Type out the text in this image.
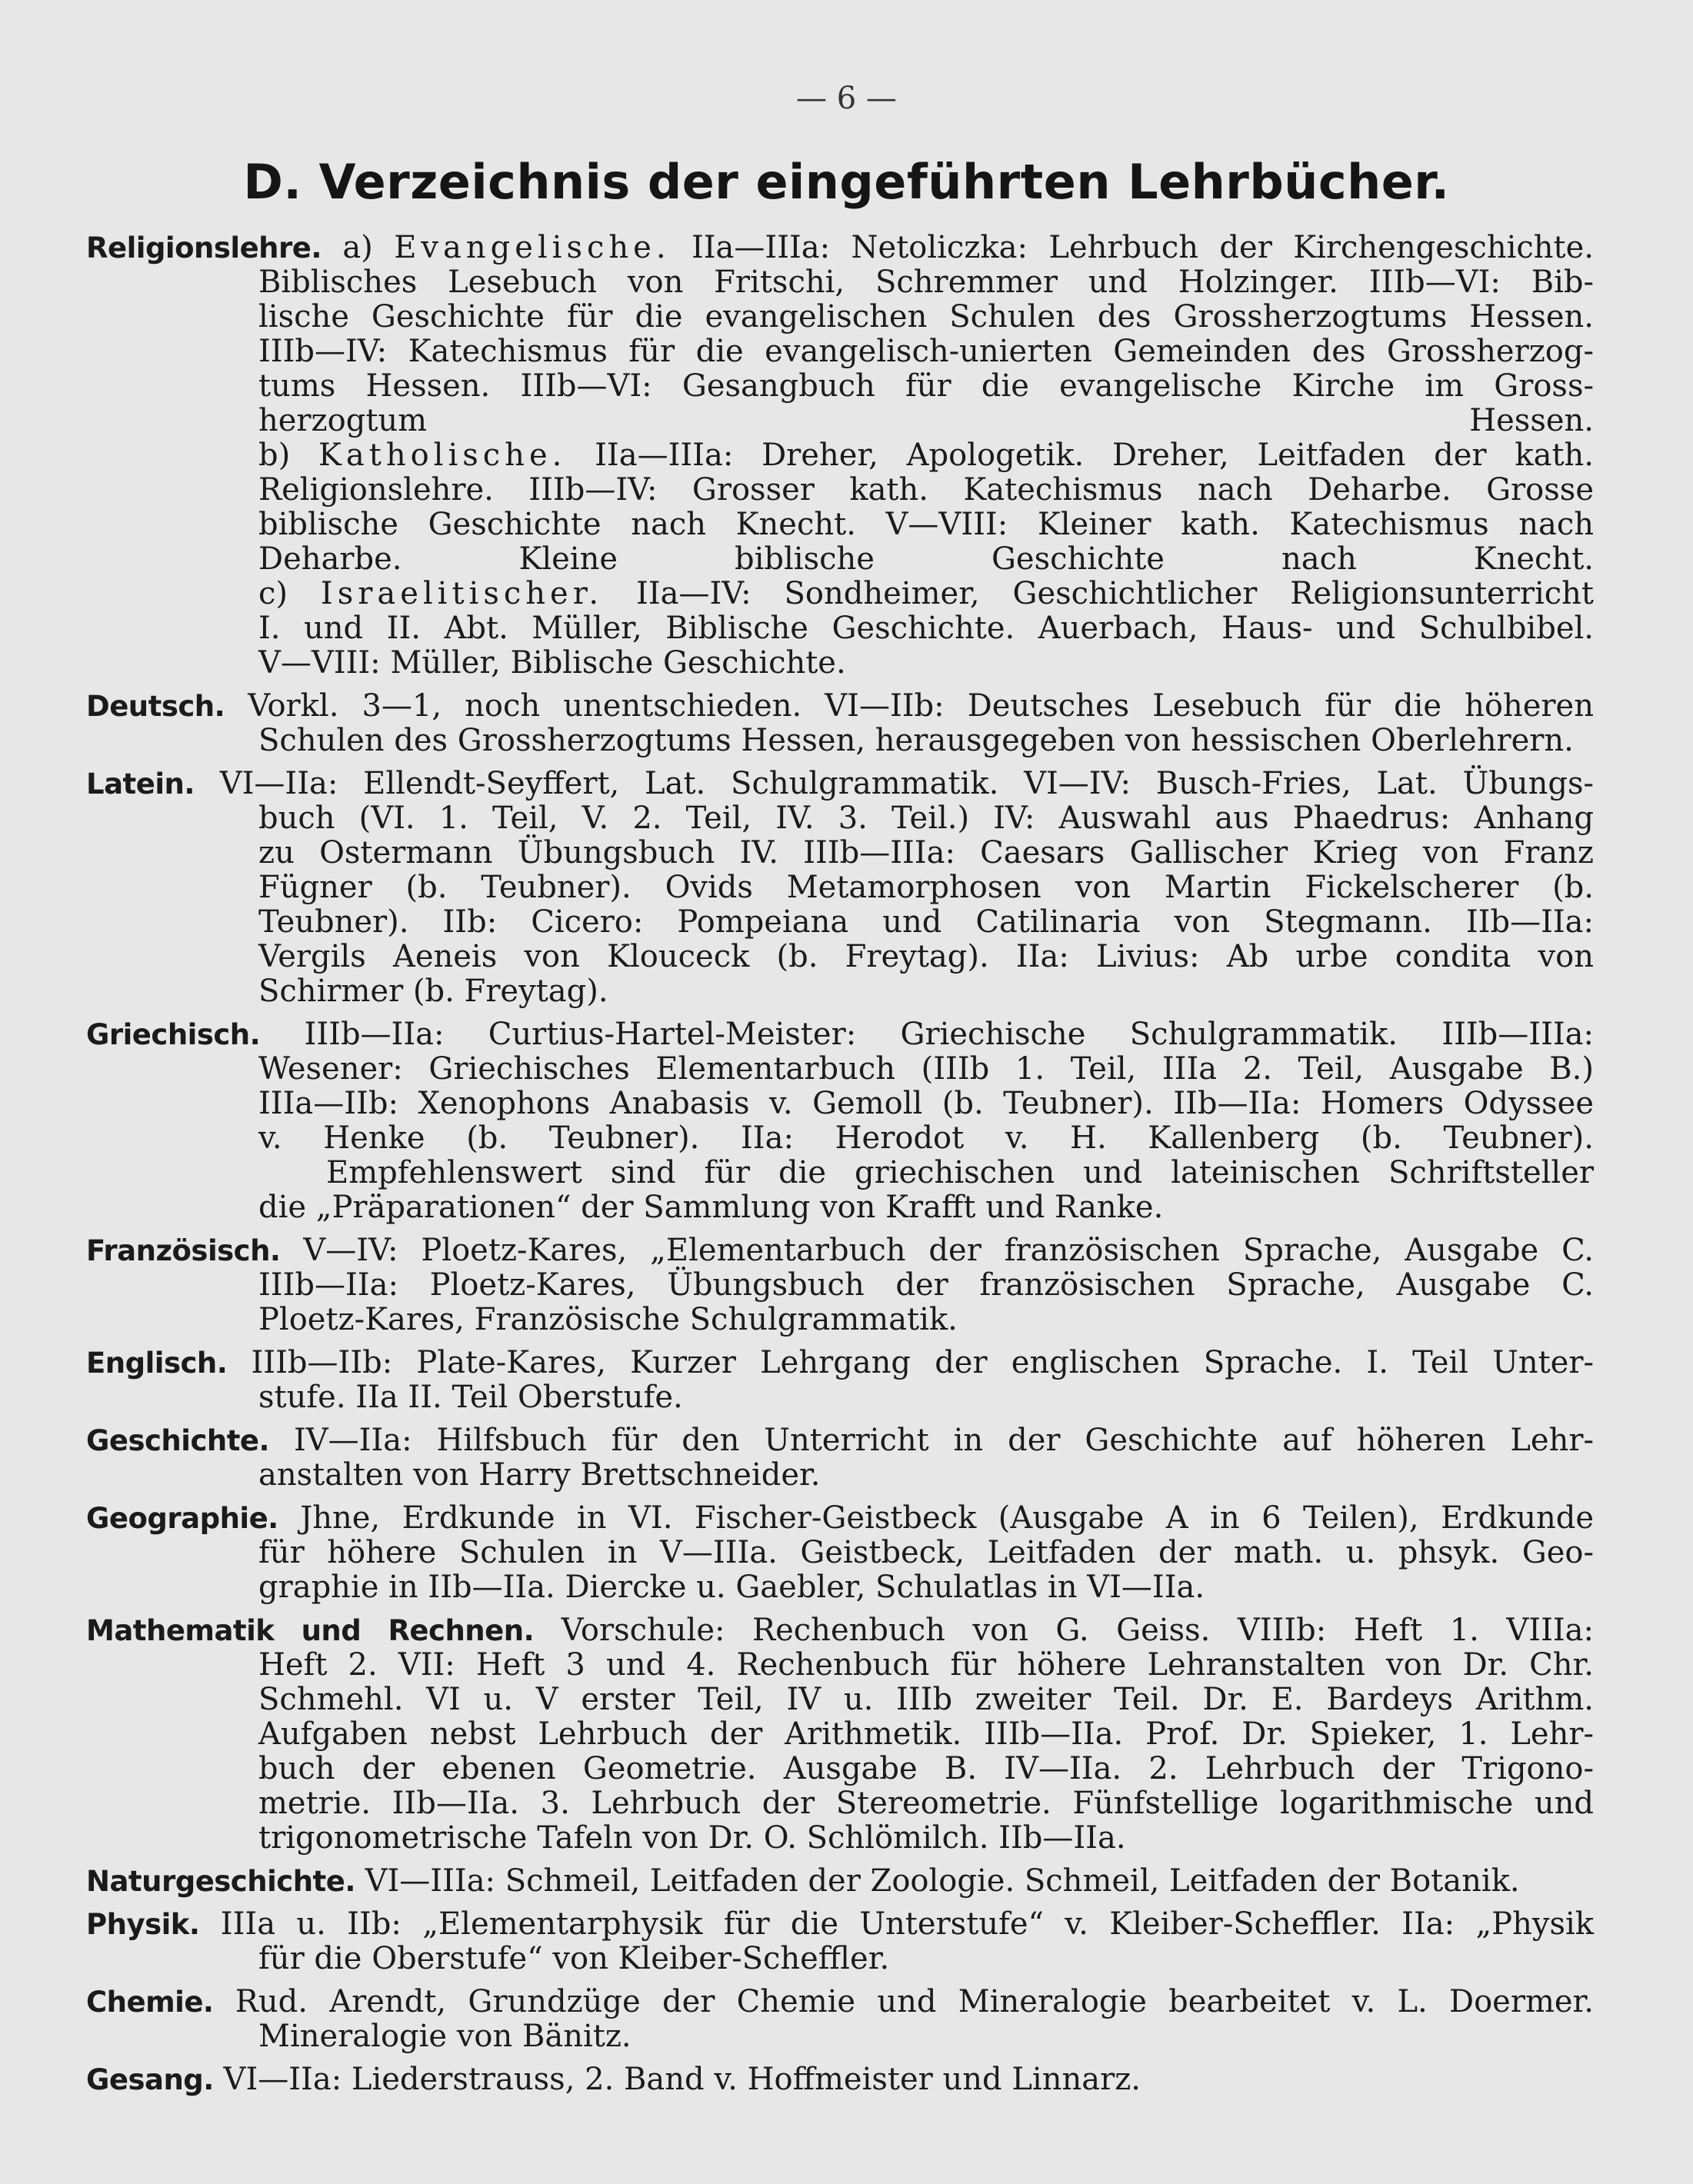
— 6 —
D. Verzeichnis der eingeführten Lehrbücher.
Religionslehre. a) Evangelische. IIa—IIIa: Netoliczka: Lehrbuch der Kirchengeschichte.
Biblisches Lesebuch von Fritschi, Schremmer und Holzinger. IIIb—VI: Bib-
lische Geschichte für die evangelischen Schulen des Grossherzogtums Hessen.
IIIb—IV: Katechismus für die evangelisch-unierten Gemeinden des Grossherzog-
tums Hessen. IIIb—VI: Gesangbuch für die evangelische Kirche im Gross-
herzogtum Hessen.
b) Katholische. IIa—IIIa: Dreher, Apologetik. Dreher, Leitfaden der kath.
Religionslehre. IIIb—IV: Grosser kath. Katechismus nach Deharbe. Grosse
biblische Geschichte nach Knecht. V—VIII: Kleiner kath. Katechismus nach
Deharbe. Kleine biblische Geschichte nach Knecht.
c) Israelitischer. IIa—IV: Sondheimer, Geschichtlicher Religionsunterricht
I. und II. Abt. Müller, Biblische Geschichte. Auerbach, Haus- und Schulbibel.
V—VIII: Müller, Biblische Geschichte.
Deutsch. Vorkl. 3—1, noch unentschieden. VI—IIb: Deutsches Lesebuch für die höheren
Schulen des Grossherzogtums Hessen, herausgegeben von hessischen Oberlehrern.
Latein. VI—IIa: Ellendt-Seyffert, Lat. Schulgrammatik. VI—IV: Busch-Fries, Lat. Übungs-
buch (VI. 1. Teil, V. 2. Teil, IV. 3. Teil.) IV: Auswahl aus Phaedrus: Anhang
zu Ostermann Übungsbuch IV. IIIb—IIIa: Caesars Gallischer Krieg von Franz
Fügner (b. Teubner). Ovids Metamorphosen von Martin Fickelscherer (b.
Teubner). IIb: Cicero: Pompeiana und Catilinaria von Stegmann. IIb—IIa:
Vergils Aeneis von Klouceck (b. Freytag). IIa: Livius: Ab urbe condita von
Schirmer (b. Freytag).
Griechisch. IIIb—IIa: Curtius-Hartel-Meister: Griechische Schulgrammatik. IIIb—IIIa:
Wesener: Griechisches Elementarbuch (IIIb 1. Teil, IIIa 2. Teil, Ausgabe B.)
IIIa—IIb: Xenophons Anabasis v. Gemoll (b. Teubner). IIb—IIa: Homers Odyssee
v. Henke (b. Teubner). IIa: Herodot v. H. Kallenberg (b. Teubner).
Empfehlenswert sind für die griechischen und lateinischen Schriftsteller
die „Präparationen“ der Sammlung von Krafft und Ranke.
Französisch. V—IV: Ploetz-Kares, „Elementarbuch der französischen Sprache, Ausgabe C.
IIIb—IIa: Ploetz-Kares, Übungsbuch der französischen Sprache, Ausgabe C.
Ploetz-Kares, Französische Schulgrammatik.
Englisch. IIIb—IIb: Plate-Kares, Kurzer Lehrgang der englischen Sprache. I. Teil Unter-
stufe. IIa II. Teil Oberstufe.
Geschichte. IV—IIa: Hilfsbuch für den Unterricht in der Geschichte auf höheren Lehr-
anstalten von Harry Brettschneider.
Geographie. Jhne, Erdkunde in VI. Fischer-Geistbeck (Ausgabe A in 6 Teilen), Erdkunde
für höhere Schulen in V—IIIa. Geistbeck, Leitfaden der math. u. phsyk. Geo-
graphie in IIb—IIa. Diercke u. Gaebler, Schulatlas in VI—IIa.
Mathematik und Rechnen. Vorschule: Rechenbuch von G. Geiss. VIIIb: Heft 1. VIIIa:
Heft 2. VII: Heft 3 und 4. Rechenbuch für höhere Lehranstalten von Dr. Chr.
Schmehl. VI u. V erster Teil, IV u. IIIb zweiter Teil. Dr. E. Bardeys Arithm.
Aufgaben nebst Lehrbuch der Arithmetik. IIIb—IIa. Prof. Dr. Spieker, 1. Lehr-
buch der ebenen Geometrie. Ausgabe B. IV—IIa. 2. Lehrbuch der Trigono-
metrie. IIb—IIa. 3. Lehrbuch der Stereometrie. Fünfstellige logarithmische und
trigonometrische Tafeln von Dr. O. Schlömilch. IIb—IIa.
Naturgeschichte. VI—IIIa: Schmeil, Leitfaden der Zoologie. Schmeil, Leitfaden der Botanik.
Physik. IIIa u. IIb: „Elementarphysik für die Unterstufe“ v. Kleiber-Scheffler. IIa: „Physik
für die Oberstufe“ von Kleiber-Scheffler.
Chemie. Rud. Arendt, Grundzüge der Chemie und Mineralogie bearbeitet v. L. Doermer.
Mineralogie von Bänitz.
Gesang. VI—IIa: Liederstrauss, 2. Band v. Hoffmeister und Linnarz.
